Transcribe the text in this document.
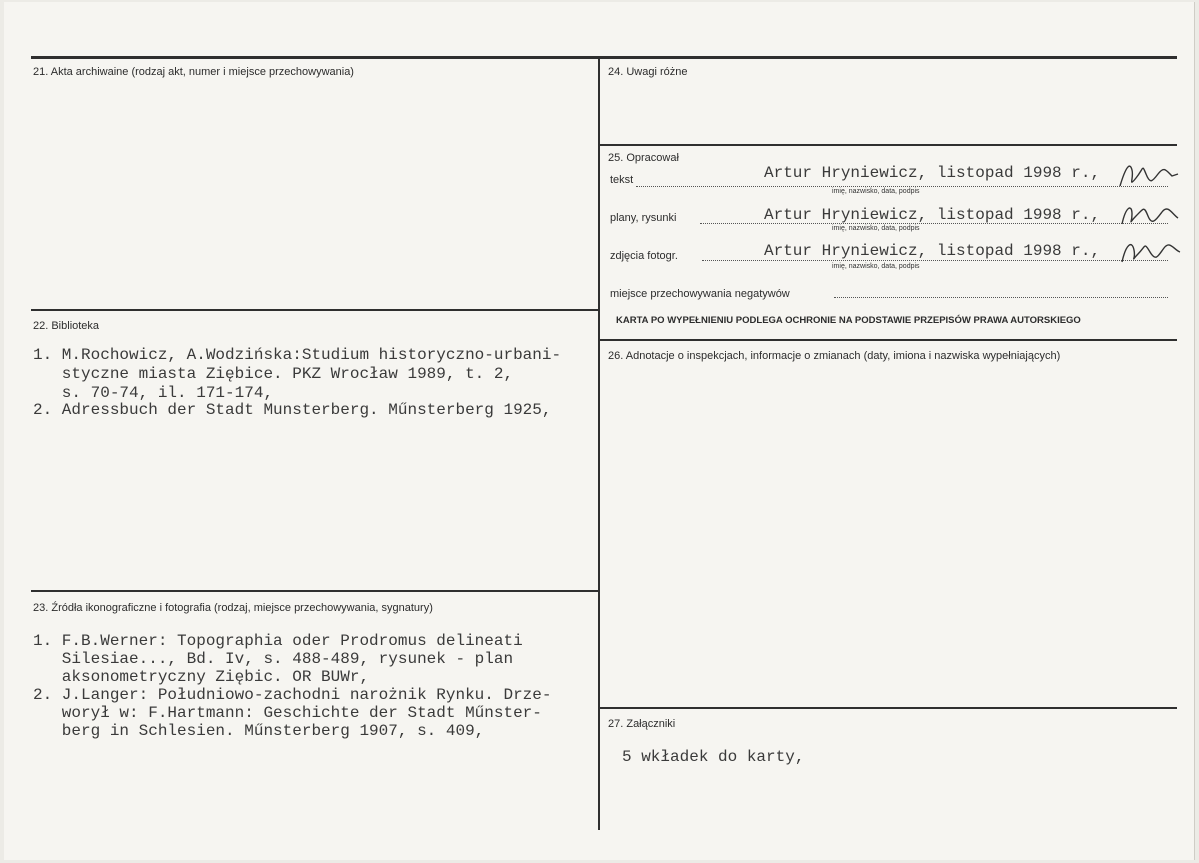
21. Akta archiwaine (rodzaj akt, numer i miejsce przechowywania)
22. Biblioteka
1. M.Rochowicz, A.Wodzińska:Studium historyczno-urbani-
styczne miasta Ziębice. PKZ Wrocław 1989, t. 2,
s. 70-74, il. 171-174,
2. Adressbuch der Stadt Munsterberg. Műnsterberg 1925,
23. Źródła ikonograficzne i fotografia (rodzaj, miejsce przechowywania, sygnatury)
1. F.B.Werner: Topographia oder Prodromus delineati
Silesiae..., Bd. Iv, s. 488-489, rysunek - plan
aksonometryczny Ziębic. OR BUWr,
2. J.Langer: Południowo-zachodni narożnik Rynku. Drze-
worył w: F.Hartmann: Geschichte der Stadt Műnster-
berg in Schlesien. Műnsterberg 1907, s. 409,
24. Uwagi różne
25. Opracował
tekst	Artur Hryniewicz, listopad 1998 r.,
imię, nazwisko, data, podpis
plany, rysunki	Artur Hryniewicz, listopad 1998 r.,
imię, nazwisko, data, podpis
zdjęcia fotogr.	Artur Hryniewicz, listopad 1998 r.,
imię, nazwisko, data, podpis
miejsce przechowywania negatywów
KARTA PO WYPEŁNIENIU PODLEGA OCHRONIE NA PODSTAWIE PRZEPISÓW PRAWA AUTORSKIEGO
26. Adnotacje o inspekcjach, informacje o zmianach (daty, imiona i nazwiska wypełniających)
27. Załączniki
5 wkładek do karty,
